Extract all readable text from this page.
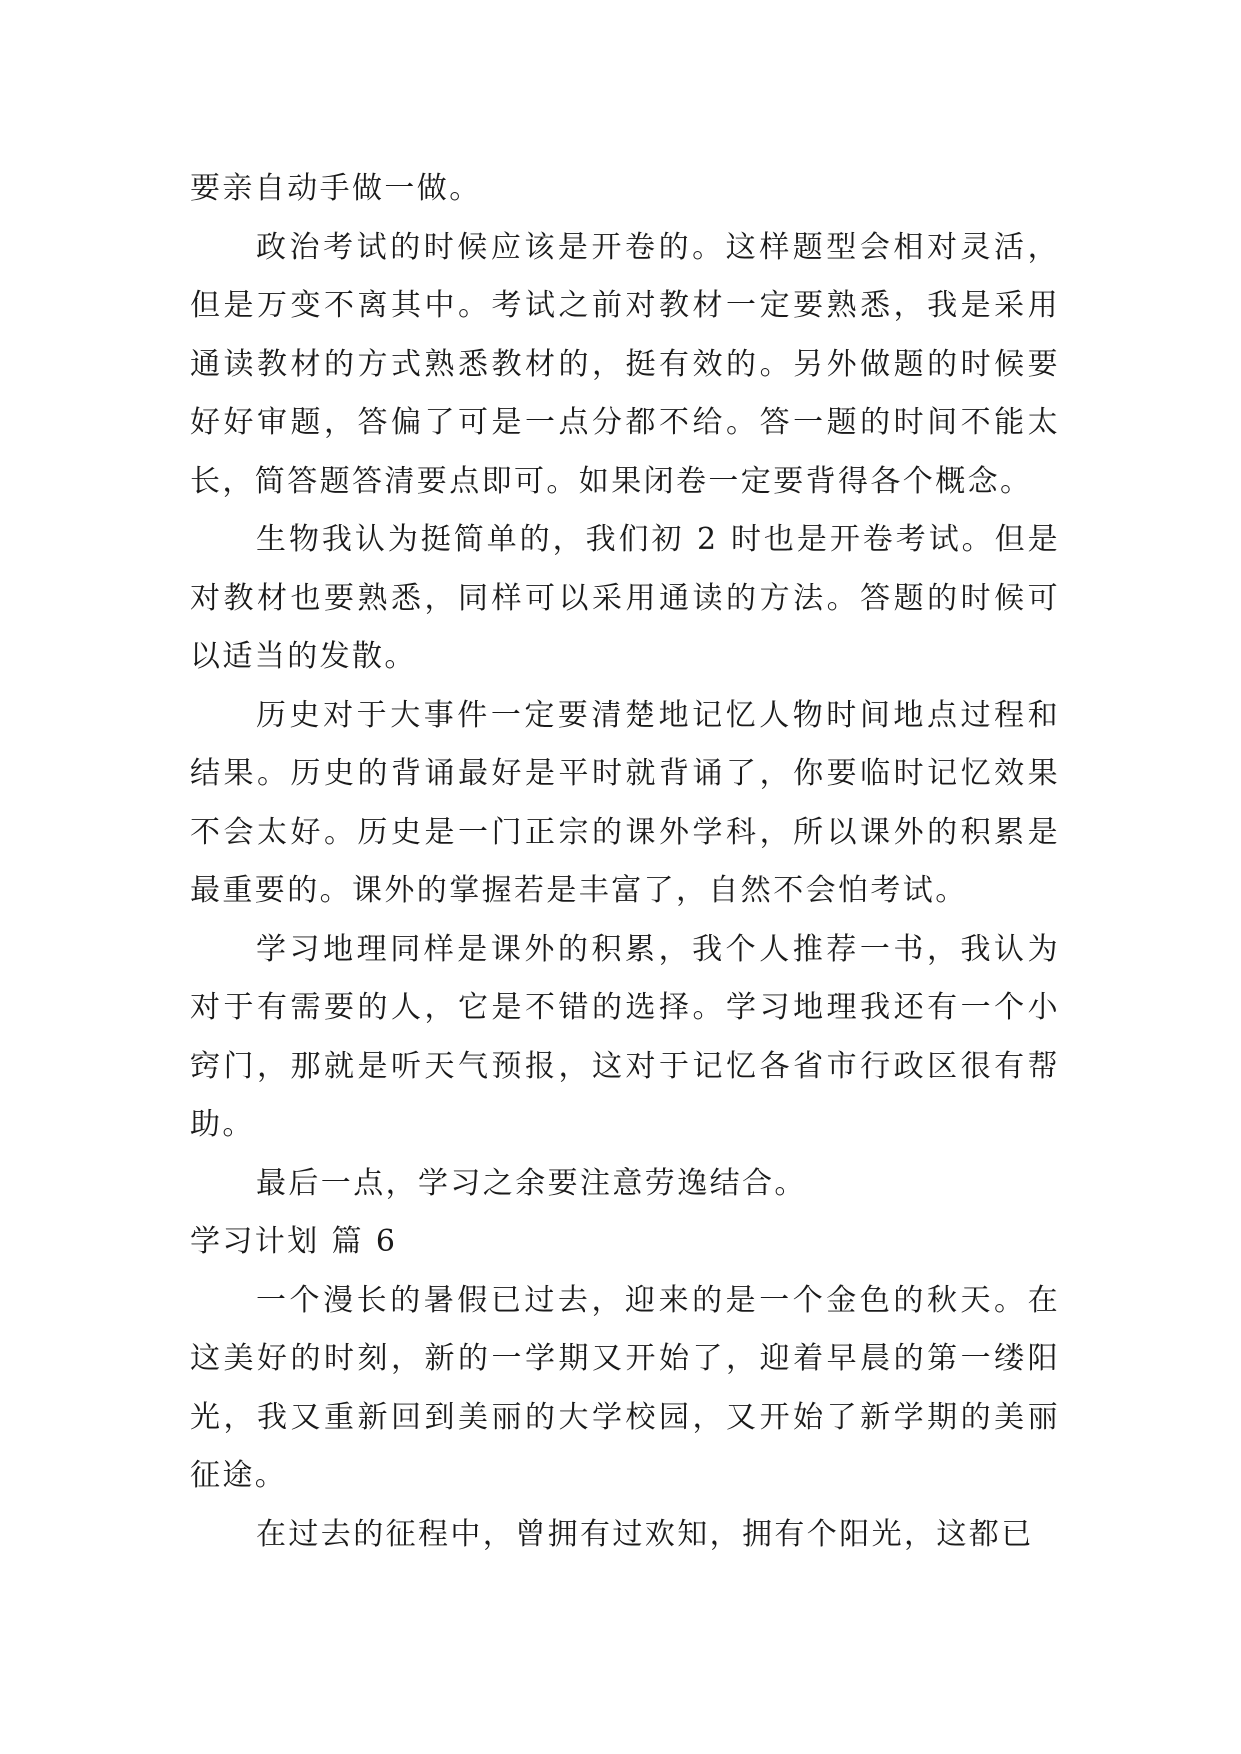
要亲自动手做一做。

政治考试的时候应该是开卷的。这样题型会相对灵活，但是万变不离其中。考试之前对教材一定要熟悉，我是采用通读教材的方式熟悉教材的，挺有效的。另外做题的时候要好好审题，答偏了可是一点分都不给。答一题的时间不能太长，简答题答清要点即可。如果闭卷一定要背得各个概念。

生物我认为挺简单的，我们初 2 时也是开卷考试。但是对教材也要熟悉，同样可以采用通读的方法。答题的时候可以适当的发散。

历史对于大事件一定要清楚地记忆人物时间地点过程和结果。历史的背诵最好是平时就背诵了，你要临时记忆效果不会太好。历史是一门正宗的课外学科，所以课外的积累是最重要的。课外的掌握若是丰富了，自然不会怕考试。

学习地理同样是课外的积累，我个人推荐一书，我认为对于有需要的人，它是不错的选择。学习地理我还有一个小窍门，那就是听天气预报，这对于记忆各省市行政区很有帮助。

最后一点，学习之余要注意劳逸结合。

学习计划 篇 6

一个漫长的暑假已过去，迎来的是一个金色的秋天。在这美好的时刻，新的一学期又开始了，迎着早晨的第一缕阳光，我又重新回到美丽的大学校园，又开始了新学期的美丽征途。

在过去的征程中，曾拥有过欢知，拥有个阳光，这都已
